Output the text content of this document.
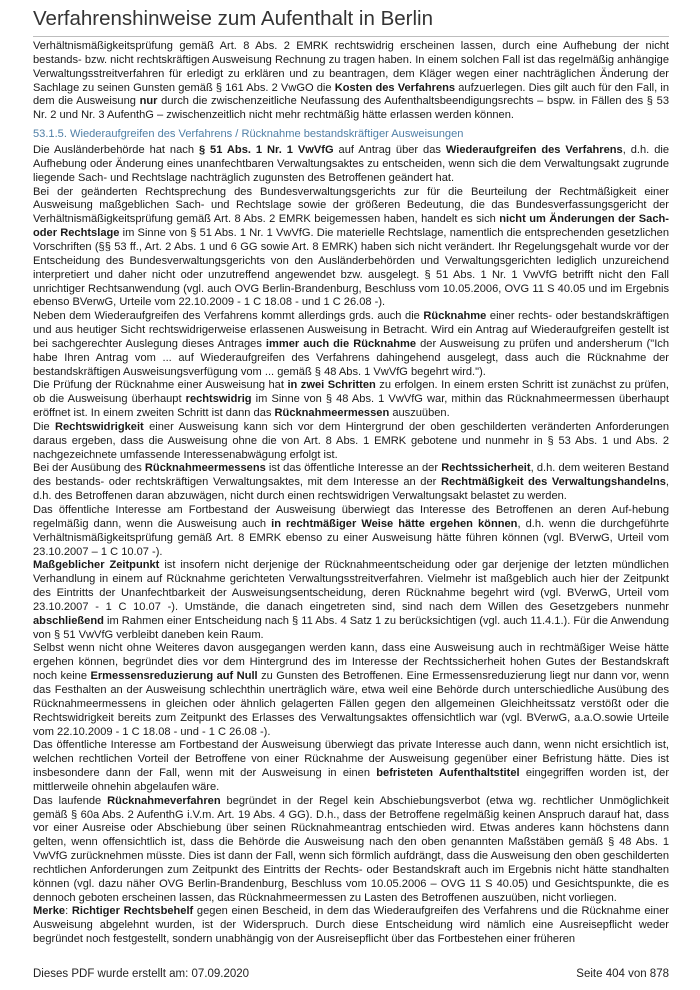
Verfahrenshinweise zum Aufenthalt in Berlin

Verhältnismäßigkeitsprüfung gemäß Art. 8 Abs. 2 EMRK rechtswidrig erscheinen lassen, durch eine Aufhebung der nicht bestands- bzw. nicht rechtskräftigen Ausweisung Rechnung zu tragen haben. In einem solchen Fall ist das regelmäßig anhängige Verwaltungsstreitverfahren für erledigt zu erklären und zu beantragen, dem Kläger wegen einer nachträglichen Änderung der Sachlage zu seinen Gunsten gemäß § 161 Abs. 2 VwGO die Kosten des Verfahrens aufzuerlegen. Dies gilt auch für den Fall, in dem die Ausweisung nur durch die zwischenzeitliche Neufassung des Aufenthaltsbeendigungsrechts – bspw. in Fällen des § 53 Nr. 2 und Nr. 3 AufenthG – zwischenzeitlich nicht mehr rechtmäßig hätte erlassen werden können.

53.1.5. Wiederaufgreifen des Verfahrens / Rücknahme bestandskräftiger Ausweisungen

Die Ausländerbehörde hat nach § 51 Abs. 1 Nr. 1 VwVfG auf Antrag über das Wiederaufgreifen des Verfahrens, d.h. die Aufhebung oder Änderung eines unanfechtbaren Verwaltungsaktes zu entscheiden, wenn sich die dem Verwaltungsakt zugrunde liegende Sach- und Rechtslage nachträglich zugunsten des Betroffenen geändert hat.

Bei der geänderten Rechtsprechung des Bundesverwaltungsgerichts zur für die Beurteilung der Rechtmäßigkeit einer Ausweisung maßgeblichen Sach- und Rechtslage sowie der größeren Bedeutung, die das Bundesverfassungsgericht der Verhältnismäßigkeitsprüfung gemäß Art. 8 Abs. 2 EMRK beigemessen haben, handelt es sich nicht um Änderungen der Sach- oder Rechtslage im Sinne von § 51 Abs. 1 Nr. 1 VwVfG. Die materielle Rechtslage, namentlich die entsprechenden gesetzlichen Vorschriften (§§ 53 ff., Art. 2 Abs. 1 und 6 GG sowie Art. 8 EMRK) haben sich nicht verändert. Ihr Regelungsgehalt wurde vor der Entscheidung des Bundesverwaltungsgerichts von den Ausländerbehörden und Verwaltungsgerichten lediglich unzureichend interpretiert und daher nicht oder unzutreffend angewendet bzw. ausgelegt. § 51 Abs. 1 Nr. 1 VwVfG betrifft nicht den Fall unrichtiger Rechtsanwendung (vgl. auch OVG Berlin-Brandenburg, Beschluss vom 10.05.2006, OVG 11 S 40.05 und im Ergebnis ebenso BVerwG, Urteile vom 22.10.2009 - 1 C 18.08 - und 1 C 26.08 -).

Neben dem Wiederaufgreifen des Verfahrens kommt allerdings grds. auch die Rücknahme einer rechts- oder bestandskräftigen und aus heutiger Sicht rechtswidrigerweise erlassenen Ausweisung in Betracht. Wird ein Antrag auf Wiederaufgreifen gestellt ist bei sachgerechter Auslegung dieses Antrages immer auch die Rücknahme der Ausweisung zu prüfen und andersherum ("Ich habe Ihren Antrag vom ... auf Wiederaufgreifen des Verfahrens dahingehend ausgelegt, dass auch die Rücknahme der bestandskräftigen Ausweisungsverfügung vom ... gemäß § 48 Abs. 1 VwVfG begehrt wird.").

Die Prüfung der Rücknahme einer Ausweisung hat in zwei Schritten zu erfolgen. In einem ersten Schritt ist zunächst zu prüfen, ob die Ausweisung überhaupt rechtswidrig im Sinne von § 48 Abs. 1 VwVfG war, mithin das Rücknahmeermessen überhaupt eröffnet ist. In einem zweiten Schritt ist dann das Rücknahmeermessen auszuüben.

Die Rechtswidrigkeit einer Ausweisung kann sich vor dem Hintergrund der oben geschilderten veränderten Anforderungen daraus ergeben, dass die Ausweisung ohne die von Art. 8 Abs. 1 EMRK gebotene und nunmehr in § 53 Abs. 1 und Abs. 2 nachgezeichnete umfassende Interessenabwägung erfolgt ist.

Bei der Ausübung des Rücknahmeermessens ist das öffentliche Interesse an der Rechtssicherheit, d.h. dem weiteren Bestand des bestands- oder rechtskräftigen Verwaltungsaktes, mit dem Interesse an der Rechtmäßigkeit des Verwaltungshandelns, d.h. des Betroffenen daran abzuwägen, nicht durch einen rechtswidrigen Verwaltungsakt belastet zu werden.

Das öffentliche Interesse am Fortbestand der Ausweisung überwiegt das Interesse des Betroffenen an deren Auf-hebung regelmäßig dann, wenn die Ausweisung auch in rechtmäßiger Weise hätte ergehen können, d.h. wenn die durchgeführte Verhältnismäßigkeitsprüfung gemäß Art. 8 EMRK ebenso zu einer Ausweisung hätte führen können (vgl. BVerwG, Urteil vom 23.10.2007 – 1 C 10.07 -).

Maßgeblicher Zeitpunkt ist insofern nicht derjenige der Rücknahmeentscheidung oder gar derjenige der letzten mündlichen Verhandlung in einem auf Rücknahme gerichteten Verwaltungsstreitverfahren. Vielmehr ist maßgeblich auch hier der Zeitpunkt des Eintritts der Unanfechtbarkeit der Ausweisungsentscheidung, deren Rücknahme begehrt wird (vgl. BVerwG, Urteil vom 23.10.2007 - 1 C 10.07 -). Umstände, die danach eingetreten sind, sind nach dem Willen des Gesetzgebers nunmehr abschließend im Rahmen einer Entscheidung nach § 11 Abs. 4 Satz 1 zu berücksichtigen (vgl. auch 11.4.1.). Für die Anwendung von § 51 VwVfG verbleibt daneben kein Raum.

Selbst wenn nicht ohne Weiteres davon ausgegangen werden kann, dass eine Ausweisung auch in rechtmäßiger Weise hätte ergehen können, begründet dies vor dem Hintergrund des im Interesse der Rechtssicherheit hohen Gutes der Bestandskraft noch keine Ermessensreduzierung auf Null zu Gunsten des Betroffenen. Eine Ermessensreduzierung liegt nur dann vor, wenn das Festhalten an der Ausweisung schlechthin unerträglich wäre, etwa weil eine Behörde durch unterschiedliche Ausübung des Rücknahmeermessens in gleichen oder ähnlich gelagerten Fällen gegen den allgemeinen Gleichheitssatz verstößt oder die Rechtswidrigkeit bereits zum Zeitpunkt des Erlasses des Verwaltungsaktes offensichtlich war (vgl. BVerwG, a.a.O.sowie Urteile vom 22.10.2009 - 1 C 18.08 - und - 1 C 26.08 -).

Das öffentliche Interesse am Fortbestand der Ausweisung überwiegt das private Interesse auch dann, wenn nicht ersichtlich ist, welchen rechtlichen Vorteil der Betroffene von einer Rücknahme der Ausweisung gegenüber einer Befristung hätte. Dies ist insbesondere dann der Fall, wenn mit der Ausweisung in einen befristeten Aufenthaltstitel eingegriffen worden ist, der mittlerweile ohnehin abgelaufen wäre.

Das laufende Rücknahmeverfahren begründet in der Regel kein Abschiebungsverbot (etwa wg. rechtlicher Unmöglichkeit gemäß § 60a Abs. 2 AufenthG i.V.m. Art. 19 Abs. 4 GG). D.h., dass der Betroffene regelmäßig keinen Anspruch darauf hat, dass vor einer Ausreise oder Abschiebung über seinen Rücknahmeantrag entschieden wird. Etwas anderes kann höchstens dann gelten, wenn offensichtlich ist, dass die Behörde die Ausweisung nach den oben genannten Maßstäben gemäß § 48 Abs. 1 VwVfG zurücknehmen müsste. Dies ist dann der Fall, wenn sich förmlich aufdrängt, dass die Ausweisung den oben geschilderten rechtlichen Anforderungen zum Zeitpunkt des Eintritts der Rechts- oder Bestandskraft auch im Ergebnis nicht hätte standhalten können (vgl. dazu näher OVG Berlin-Brandenburg, Beschluss vom 10.05.2006 – OVG 11 S 40.05) und Gesichtspunkte, die es dennoch geboten erscheinen lassen, das Rücknahmeermessen zu Lasten des Betroffenen auszuüben, nicht vorliegen.

Merke: Richtiger Rechtsbehelf gegen einen Bescheid, in dem das Wiederaufgreifen des Verfahrens und die Rücknahme einer Ausweisung abgelehnt wurden, ist der Widerspruch. Durch diese Entscheidung wird nämlich eine Ausreisepflicht weder begründet noch festgestellt, sondern unabhängig von der Ausreisepflicht über das Fortbestehen einer früheren

Dieses PDF wurde erstellt am: 07.09.2020	Seite 404 von 878
